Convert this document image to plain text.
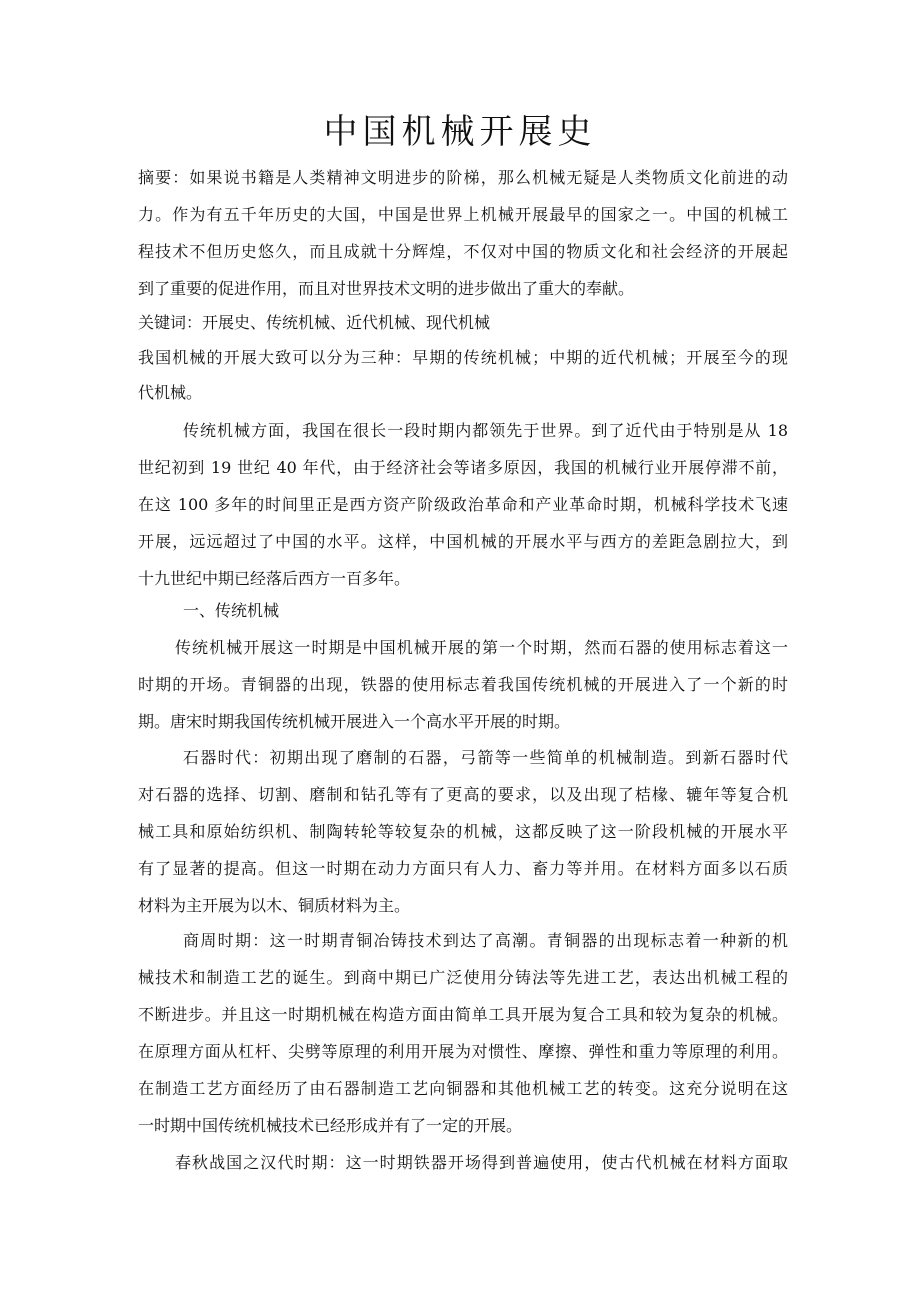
中国机械开展史
摘要：如果说书籍是人类精神文明进步的阶梯，那么机械无疑是人类物质文化前进的动
力。作为有五千年历史的大国，中国是世界上机械开展最早的国家之一。中国的机械工
程技术不但历史悠久，而且成就十分辉煌，不仅对中国的物质文化和社会经济的开展起
到了重要的促进作用，而且对世界技术文明的进步做出了重大的奉献。
关键词：开展史、传统机械、近代机械、现代机械
我国机械的开展大致可以分为三种：早期的传统机械；中期的近代机械；开展至今的现
代机械。
传统机械方面，我国在很长一段时期内都领先于世界。到了近代由于特别是从 18
世纪初到 19 世纪 40 年代，由于经济社会等诸多原因，我国的机械行业开展停滞不前，
在这 100 多年的时间里正是西方资产阶级政治革命和产业革命时期，机械科学技术飞速
开展，远远超过了中国的水平。这样，中国机械的开展水平与西方的差距急剧拉大，到
十九世纪中期已经落后西方一百多年。
一、传统机械
传统机械开展这一时期是中国机械开展的第一个时期，然而石器的使用标志着这一
时期的开场。青铜器的出现，铁器的使用标志着我国传统机械的开展进入了一个新的时
期。唐宋时期我国传统机械开展进入一个高水平开展的时期。
石器时代：初期出现了磨制的石器，弓箭等一些简单的机械制造。到新石器时代
对石器的选择、切割、磨制和钻孔等有了更高的要求，以及出现了桔椽、辘年等复合机
械工具和原始纺织机、制陶转轮等较复杂的机械，这都反映了这一阶段机械的开展水平
有了显著的提高。但这一时期在动力方面只有人力、畜力等并用。在材料方面多以石质
材料为主开展为以木、铜质材料为主。
商周时期：这一时期青铜冶铸技术到达了高潮。青铜器的出现标志着一种新的机
械技术和制造工艺的诞生。到商中期已广泛使用分铸法等先进工艺，表达出机械工程的
不断进步。并且这一时期机械在构造方面由简单工具开展为复合工具和较为复杂的机械。
在原理方面从杠杆、尖劈等原理的利用开展为对惯性、摩擦、弹性和重力等原理的利用。
在制造工艺方面经历了由石器制造工艺向铜器和其他机械工艺的转变。这充分说明在这
一时期中国传统机械技术已经形成并有了一定的开展。
春秋战国之汉代时期：这一时期铁器开场得到普遍使用，使古代机械在材料方面取
